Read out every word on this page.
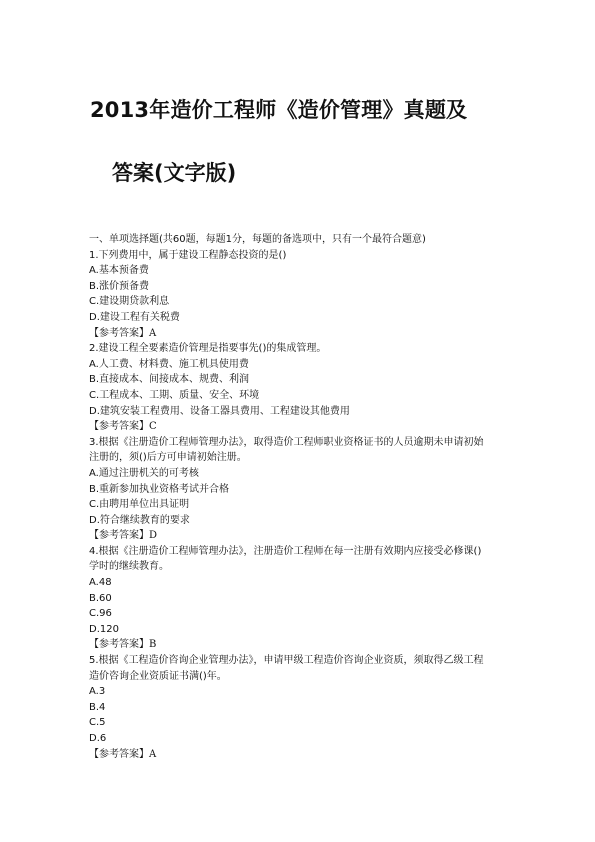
2013年造价工程师《造价管理》真题及
答案(文字版)
一、单项选择题(共60题，每题1分，每题的备选项中，只有一个最符合题意)
1.下列费用中，属于建设工程静态投资的是()
A.基本预备费
B.涨价预备费
C.建设期贷款利息
D.建设工程有关税费
【参考答案】A
2.建设工程全要素造价管理是指要事先()的集成管理。
A.人工费、材料费、施工机具使用费
B.直接成本、间接成本、规费、利润
C.工程成本、工期、质量、安全、环境
D.建筑安装工程费用、设备工器具费用、工程建设其他费用
【参考答案】C
3.根据《注册造价工程师管理办法》，取得造价工程师职业资格证书的人员逾期未申请初始
注册的，须()后方可申请初始注册。
A.通过注册机关的可考核
B.重新参加执业资格考试并合格
C.由聘用单位出具证明
D.符合继续教育的要求
【参考答案】D
4.根据《注册造价工程师管理办法》，注册造价工程师在每一注册有效期内应接受必修课()
学时的继续教育。
A.48
B.60
C.96
D.120
【参考答案】B
5.根据《工程造价咨询企业管理办法》，申请甲级工程造价咨询企业资质，须取得乙级工程
造价咨询企业资质证书满()年。
A.3
B.4
C.5
D.6
【参考答案】A
